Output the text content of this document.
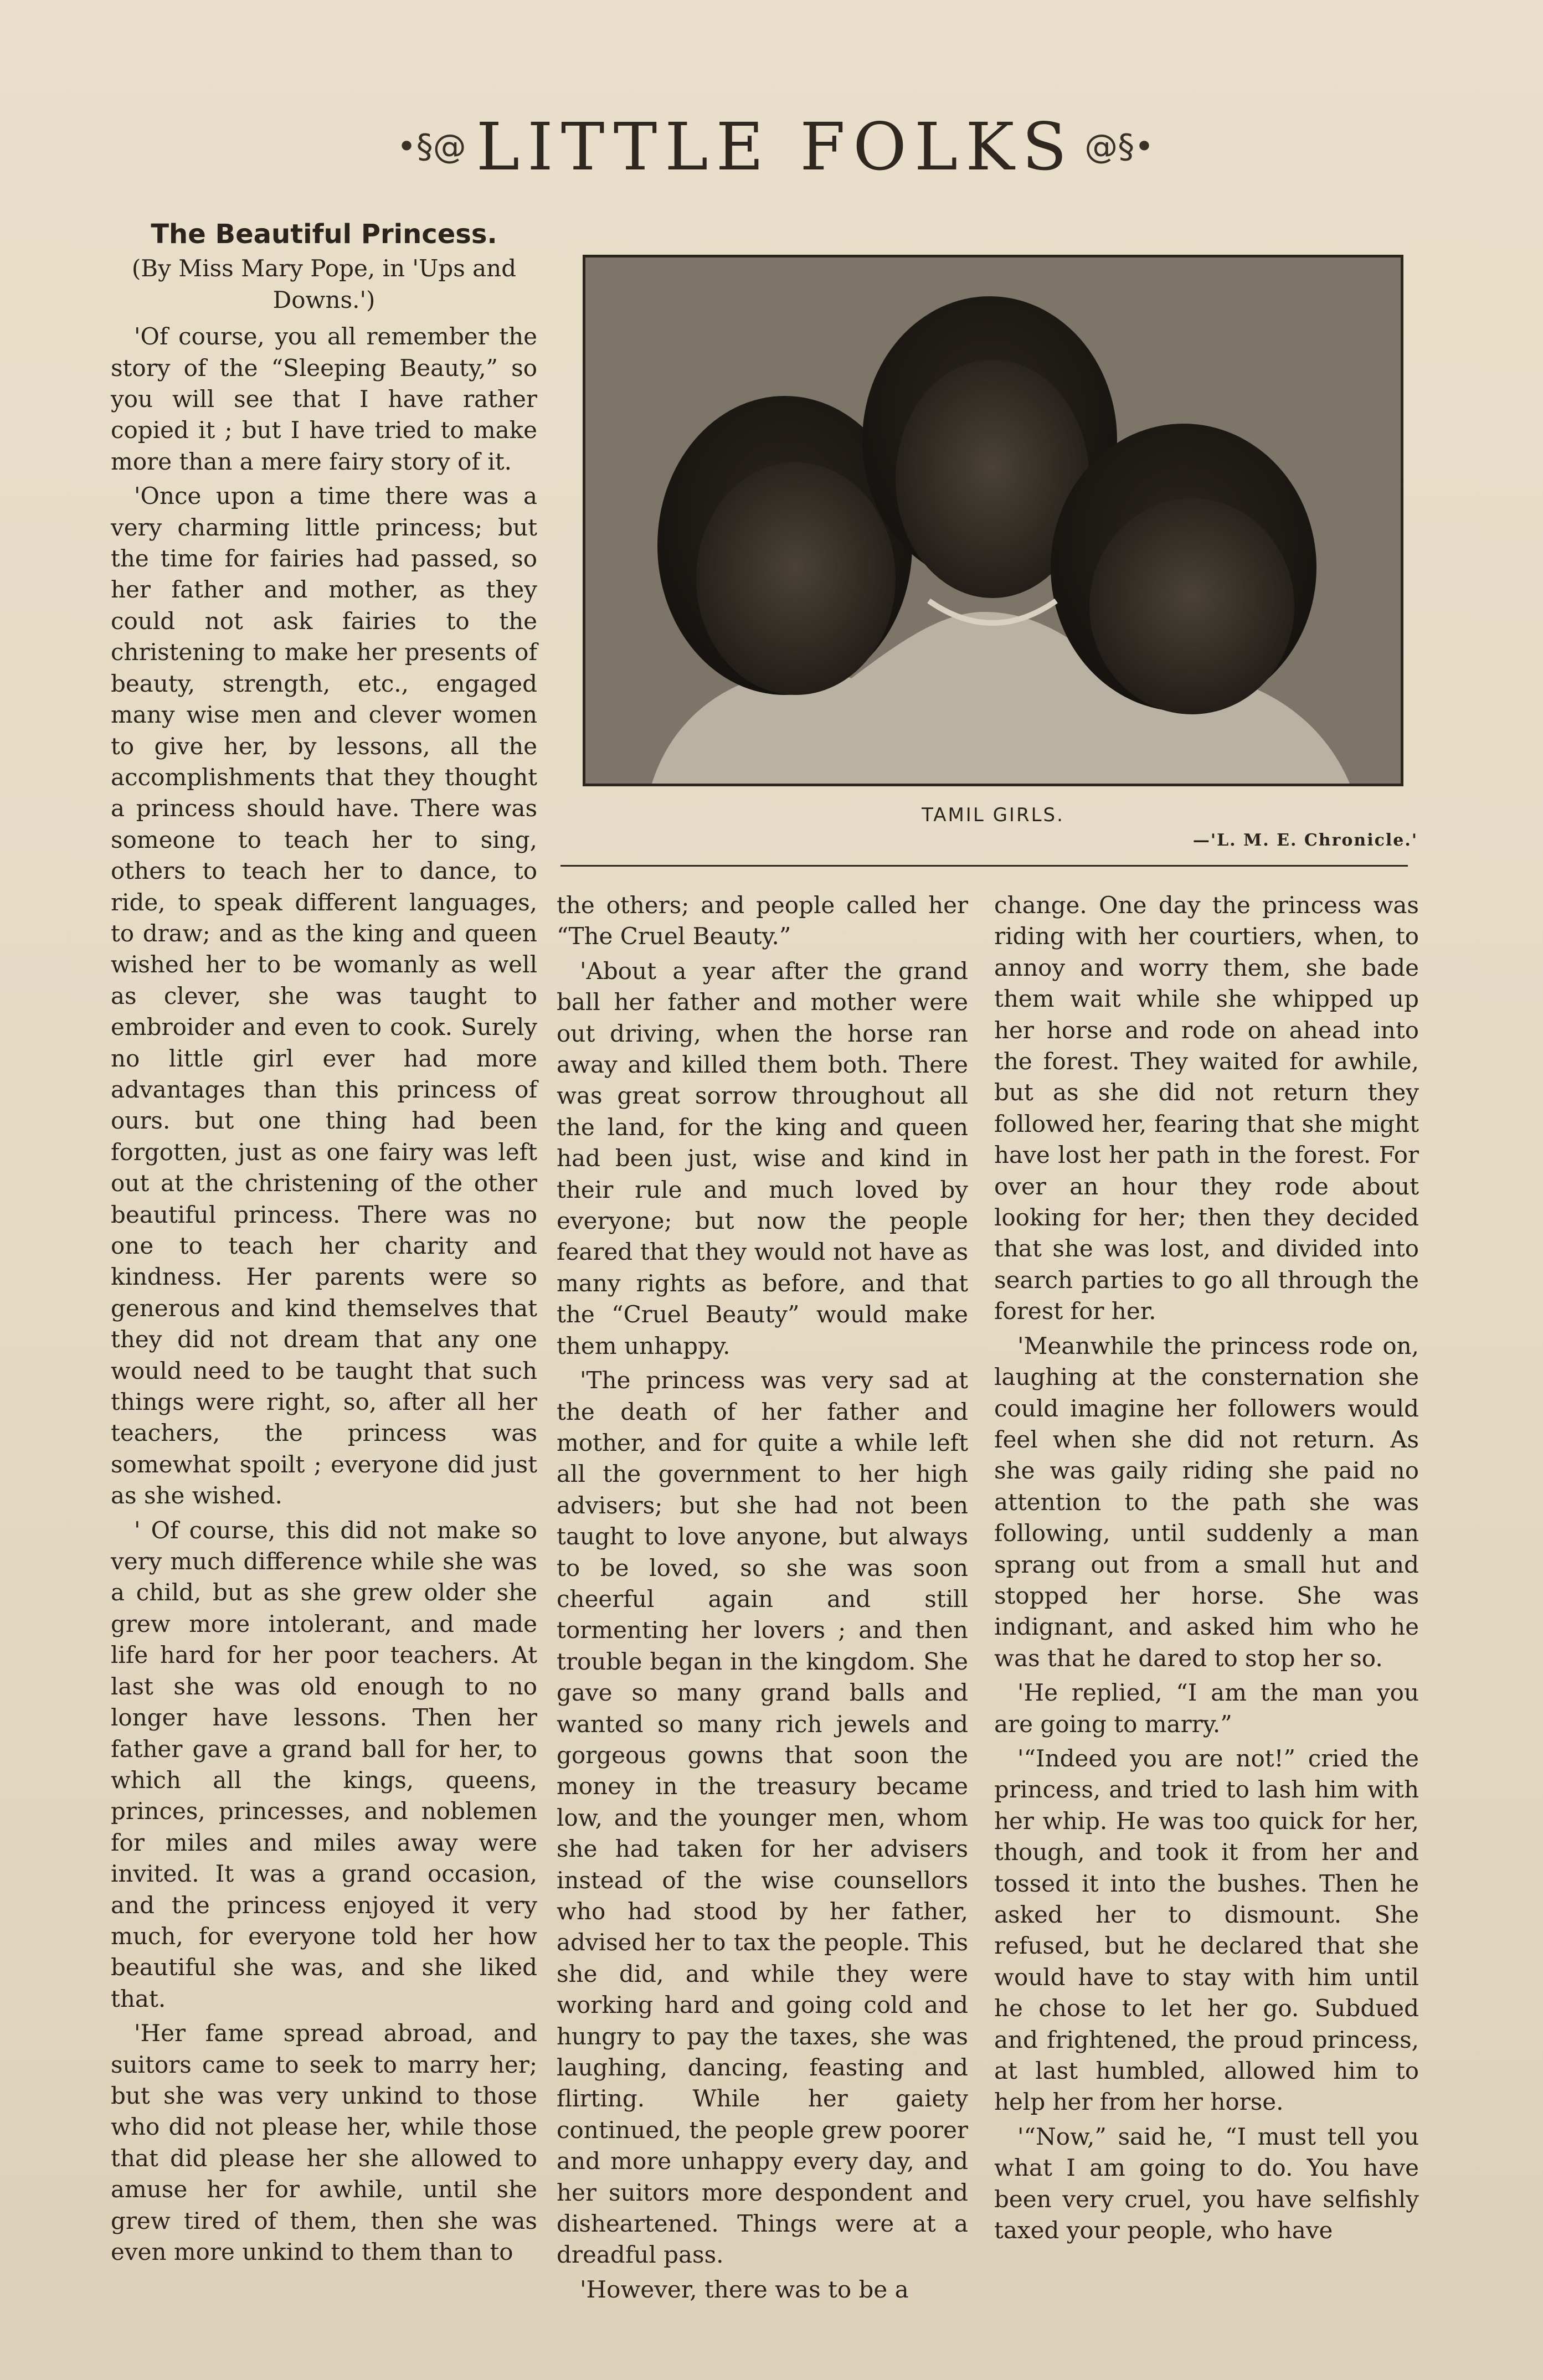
•§@ LITTLE FOLKS @§•

The Beautiful Princess.

(By Miss Mary Pope, in 'Ups and Downs.')

'Of course, you all remember the story of the “Sleeping Beauty,” so you will see that I have rather copied it ; but I have tried to make more than a mere fairy story of it.

'Once upon a time there was a very charming little princess; but the time for fairies had passed, so her father and mother, as they could not ask fairies to the christening to make her presents of beauty, strength, etc., engaged many wise men and clever women to give her, by lessons, all the accomplishments that they thought a princess should have. There was someone to teach her to sing, others to teach her to dance, to ride, to speak different languages, to draw; and as the king and queen wished her to be womanly as well as clever, she was taught to embroider and even to cook. Surely no little girl ever had more advantages than this princess of ours. but one thing had been forgotten, just as one fairy was left out at the christening of the other beautiful princess. There was no one to teach her charity and kindness. Her parents were so generous and kind themselves that they did not dream that any one would need to be taught that such things were right, so, after all her teachers, the princess was somewhat spoilt ; everyone did just as she wished.

' Of course, this did not make so very much difference while she was a child, but as she grew older she grew more intolerant, and made life hard for her poor teachers. At last she was old enough to no longer have lessons. Then her father gave a grand ball for her, to which all the kings, queens, princes, princesses, and noblemen for miles and miles away were invited. It was a grand occasion, and the princess enjoyed it very much, for everyone told her how beautiful she was, and she liked that.

'Her fame spread abroad, and suitors came to seek to marry her; but she was very unkind to those who did not please her, while those that did please her she allowed to amuse her for awhile, until she grew tired of them, then she was even more unkind to them than to

TAMIL GIRLS.
—'L. M. E. Chronicle.'

the others; and people called her “The Cruel Beauty.”

'About a year after the grand ball her father and mother were out driving, when the horse ran away and killed them both. There was great sorrow throughout all the land, for the king and queen had been just, wise and kind in their rule and much loved by everyone; but now the people feared that they would not have as many rights as before, and that the “Cruel Beauty” would make them unhappy.

'The princess was very sad at the death of her father and mother, and for quite a while left all the government to her high advisers; but she had not been taught to love anyone, but always to be loved, so she was soon cheerful again and still tormenting her lovers ; and then trouble began in the kingdom. She gave so many grand balls and wanted so many rich jewels and gorgeous gowns that soon the money in the treasury became low, and the younger men, whom she had taken for her advisers instead of the wise counsellors who had stood by her father, advised her to tax the people. This she did, and while they were working hard and going cold and hungry to pay the taxes, she was laughing, dancing, feasting and flirting. While her gaiety continued, the people grew poorer and more unhappy every day, and her suitors more despondent and disheartened. Things were at a dreadful pass.

'However, there was to be a

change. One day the princess was riding with her courtiers, when, to annoy and worry them, she bade them wait while she whipped up her horse and rode on ahead into the forest. They waited for awhile, but as she did not return they followed her, fearing that she might have lost her path in the forest. For over an hour they rode about looking for her; then they decided that she was lost, and divided into search parties to go all through the forest for her.

'Meanwhile the princess rode on, laughing at the consternation she could imagine her followers would feel when she did not return. As she was gaily riding she paid no attention to the path she was following, until suddenly a man sprang out from a small hut and stopped her horse. She was indignant, and asked him who he was that he dared to stop her so.

'He replied, “I am the man you are going to marry.”

'“Indeed you are not!” cried the princess, and tried to lash him with her whip. He was too quick for her, though, and took it from her and tossed it into the bushes. Then he asked her to dismount. She refused, but he declared that she would have to stay with him until he chose to let her go. Subdued and frightened, the proud princess, at last humbled, allowed him to help her from her horse.

'“Now,” said he, “I must tell you what I am going to do. You have been very cruel, you have selfishly taxed your people, who have
